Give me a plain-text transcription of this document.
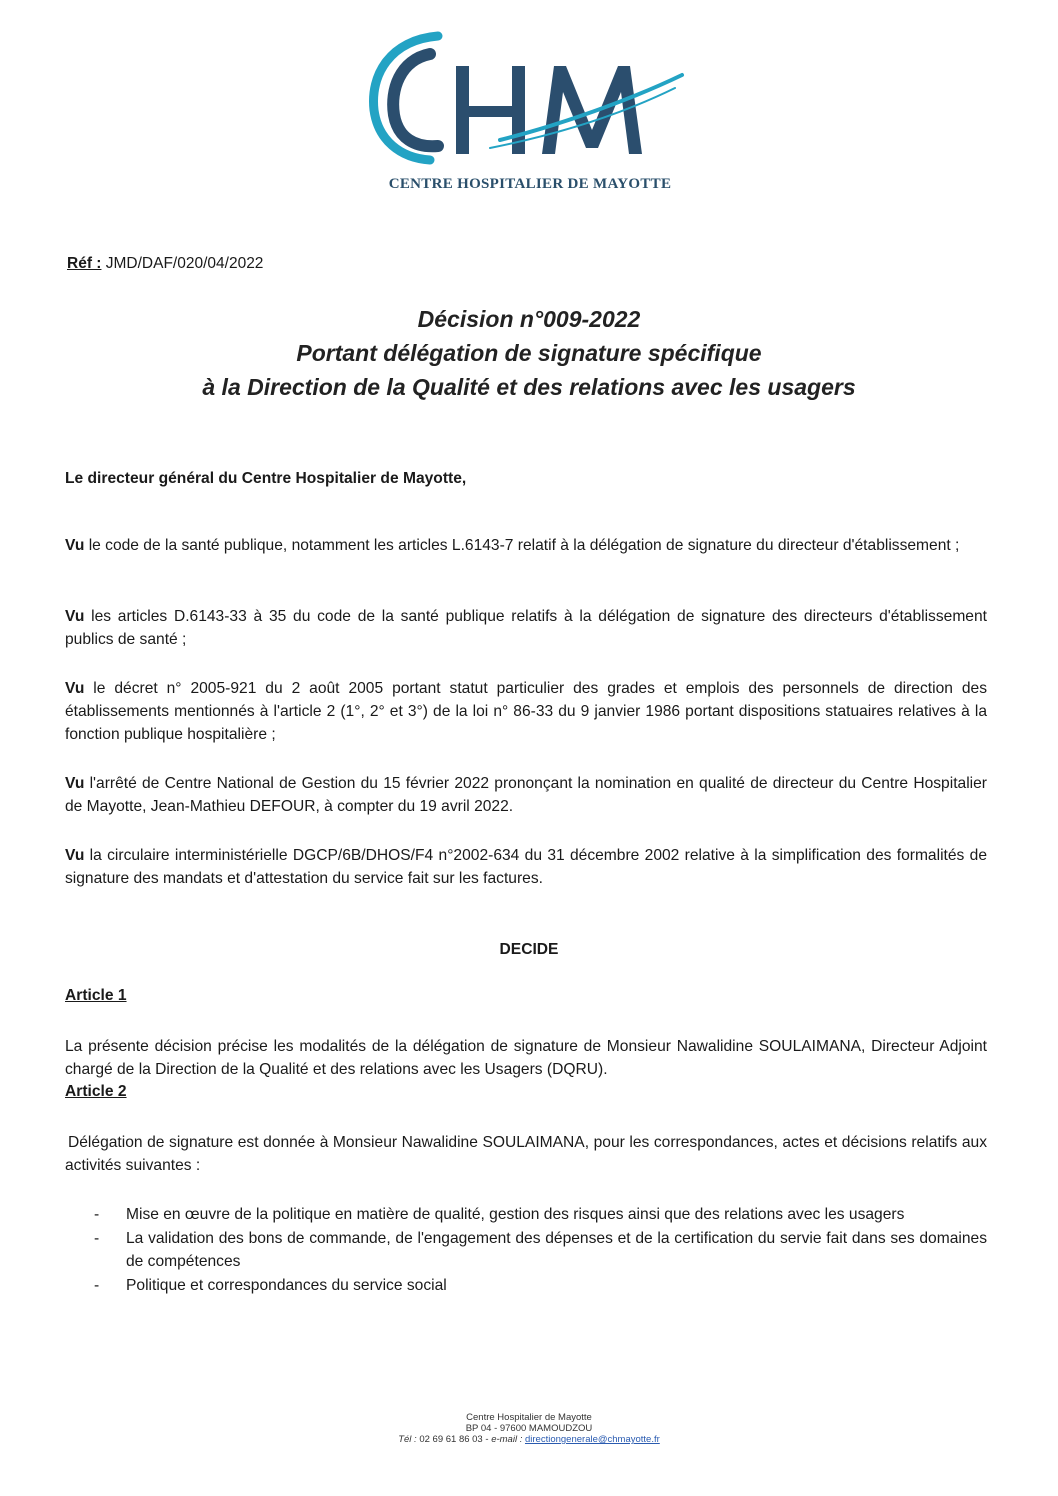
CENTRE HOSPITALIER DE MAYOTTE
Réf : JMD/DAF/020/04/2022
Décision n°009-2022
Portant délégation de signature spécifique
à la Direction de la Qualité et des relations avec les usagers
Le directeur général du Centre Hospitalier de Mayotte,
Vu le code de la santé publique, notamment les articles L.6143-7 relatif à la délégation de signature du directeur d'établissement ;
Vu les articles D.6143-33 à 35 du code de la santé publique relatifs à la délégation de signature des directeurs d'établissement publics de santé ;
Vu le décret n° 2005-921 du 2 août 2005 portant statut particulier des grades et emplois des personnels de direction des établissements mentionnés à l'article 2 (1°, 2° et 3°) de la loi n° 86-33 du 9 janvier 1986 portant dispositions statuaires relatives à la fonction publique hospitalière ;
Vu l'arrêté de Centre National de Gestion du 15 février 2022 prononçant la nomination en qualité de directeur du Centre Hospitalier de Mayotte, Jean-Mathieu DEFOUR, à compter du 19 avril 2022.
Vu la circulaire interministérielle DGCP/6B/DHOS/F4 n°2002-634 du 31 décembre 2002 relative à la simplification des formalités de signature des mandats et d'attestation du service fait sur les factures.
DECIDE
Article 1
La présente décision précise les modalités de la délégation de signature de Monsieur Nawalidine SOULAIMANA, Directeur Adjoint chargé de la Direction de la Qualité et des relations avec les Usagers (DQRU).
Article 2
Délégation de signature est donnée à Monsieur Nawalidine SOULAIMANA, pour les correspondances, actes et décisions relatifs aux activités suivantes :
- Mise en œuvre de la politique en matière de qualité, gestion des risques ainsi que des relations avec les usagers
- La validation des bons de commande, de l'engagement des dépenses et de la certification du servie fait dans ses domaines de compétences
- Politique et correspondances du service social
Centre Hospitalier de Mayotte
BP 04 - 97600 MAMOUDZOU
Tél : 02 69 61 86 03 - e-mail : directiongenerale@chmayotte.fr
